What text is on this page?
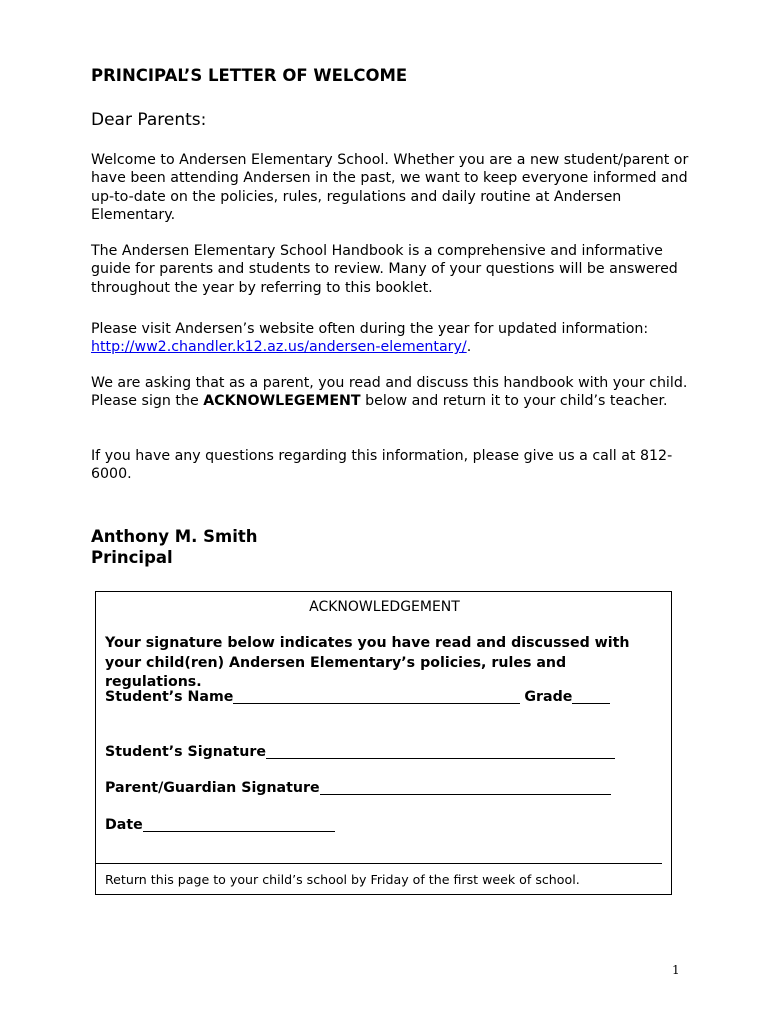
PRINCIPAL’S LETTER OF WELCOME

Dear Parents:

Welcome to Andersen Elementary School. Whether you are a new student/parent or have been attending Andersen in the past, we want to keep everyone informed and up-to-date on the policies, rules, regulations and daily routine at Andersen Elementary.

The Andersen Elementary School Handbook is a comprehensive and informative guide for parents and students to review. Many of your questions will be answered throughout the year by referring to this booklet.

Please visit Andersen’s website often during the year for updated information: http://ww2.chandler.k12.az.us/andersen-elementary/.

We are asking that as a parent, you read and discuss this handbook with your child. Please sign the ACKNOWLEGEMENT below and return it to your child’s teacher.

If you have any questions regarding this information, please give us a call at 812-6000.

Anthony M. Smith

Principal

ACKNOWLEDGEMENT

Your signature below indicates you have read and discussed with your child(ren) Andersen Elementary’s policies, rules and regulations.

Student’s Name	Grade
Student’s Signature
Parent/Guardian Signature
Date

Return this page to your child’s school by Friday of the first week of school.

1
